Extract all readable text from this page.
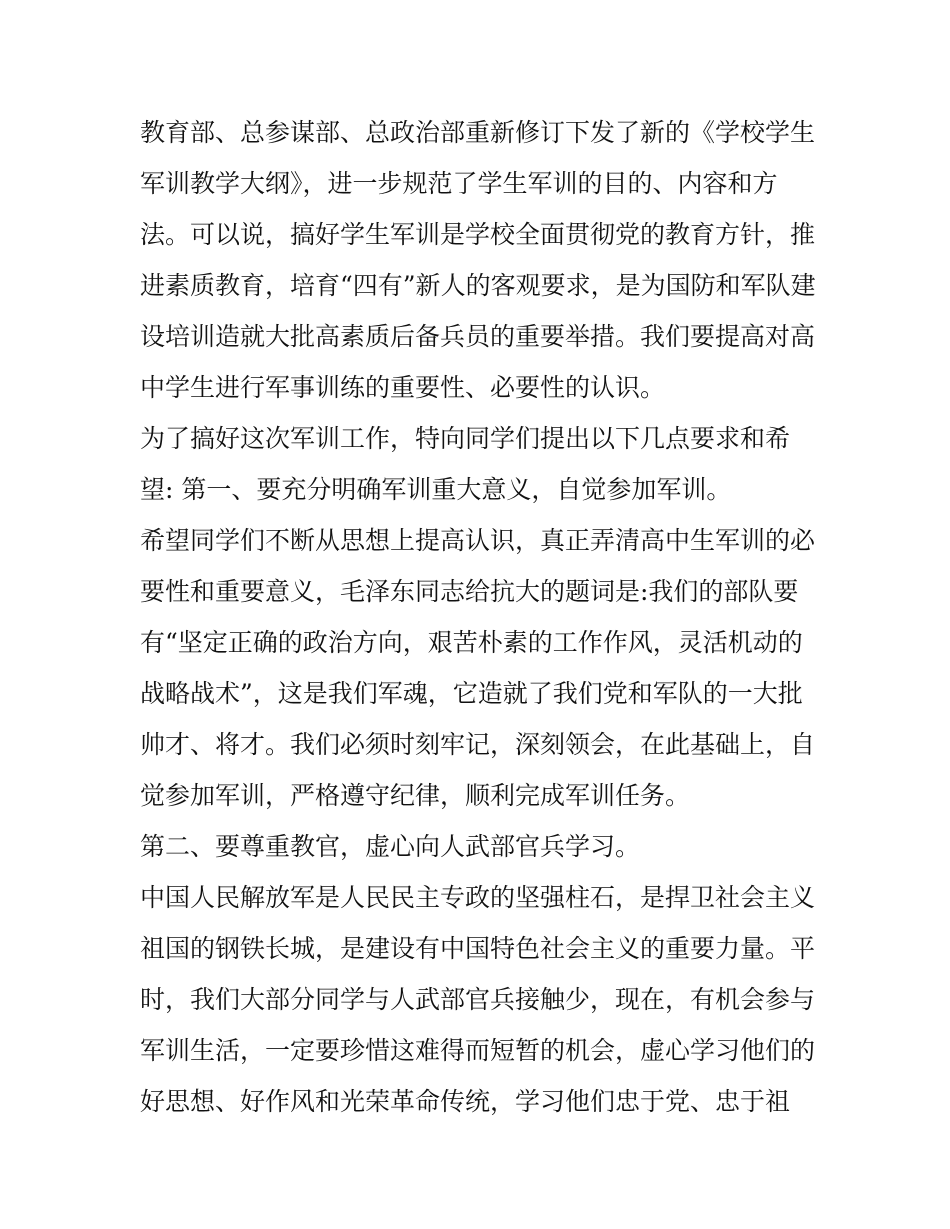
教育部、总参谋部、总政治部重新修订下发了新的《学校学生

军训教学大纲》，进一步规范了学生军训的目的、内容和方

法。可以说，搞好学生军训是学校全面贯彻党的教育方针，推

进素质教育，培育“四有”新人的客观要求，是为国防和军队建

设培训造就大批高素质后备兵员的重要举措。我们要提高对高

中学生进行军事训练的重要性、必要性的认识。

为了搞好这次军训工作，特向同学们提出以下几点要求和希

望: 第一、要充分明确军训重大意义，自觉参加军训。

希望同学们不断从思想上提高认识，真正弄清高中生军训的必

要性和重要意义，毛泽东同志给抗大的题词是:我们的部队要

有“坚定正确的政治方向，艰苦朴素的工作作风，灵活机动的

战略战术”，这是我们军魂，它造就了我们党和军队的一大批

帅才、将才。我们必须时刻牢记，深刻领会，在此基础上，自

觉参加军训，严格遵守纪律，顺利完成军训任务。

第二、要尊重教官，虚心向人武部官兵学习。

中国人民解放军是人民民主专政的坚强柱石，是捍卫社会主义

祖国的钢铁长城，是建设有中国特色社会主义的重要力量。平

时，我们大部分同学与人武部官兵接触少，现在，有机会参与

军训生活，一定要珍惜这难得而短暂的机会，虚心学习他们的

好思想、好作风和光荣革命传统，学习他们忠于党、忠于祖
